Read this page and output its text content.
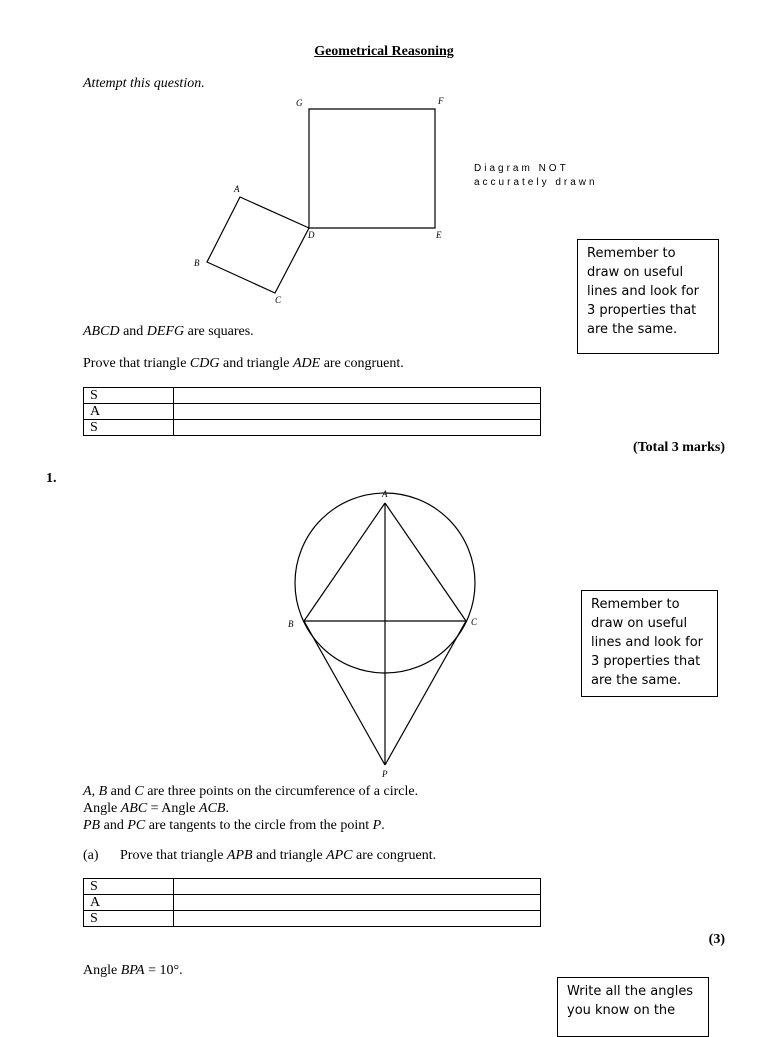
Geometrical Reasoning
Attempt this question.
G	F
A
B
C
D	E
Diagram NOT
accurately drawn
Remember to draw on useful lines and look for 3 properties that are the same.
ABCD and DEFG are squares.
Prove that triangle CDG and triangle ADE are congruent.
S	
A	
S	
(Total 3 marks)
1.
A
B	C
P
Remember to draw on useful lines and look for 3 properties that are the same.
A, B and C are three points on the circumference of a circle.
Angle ABC = Angle ACB.
PB and PC are tangents to the circle from the point P.
(a) Prove that triangle APB and triangle APC are congruent.
S	
A	
S	
(3)
Angle BPA = 10°.
Write all the angles
you know on the
